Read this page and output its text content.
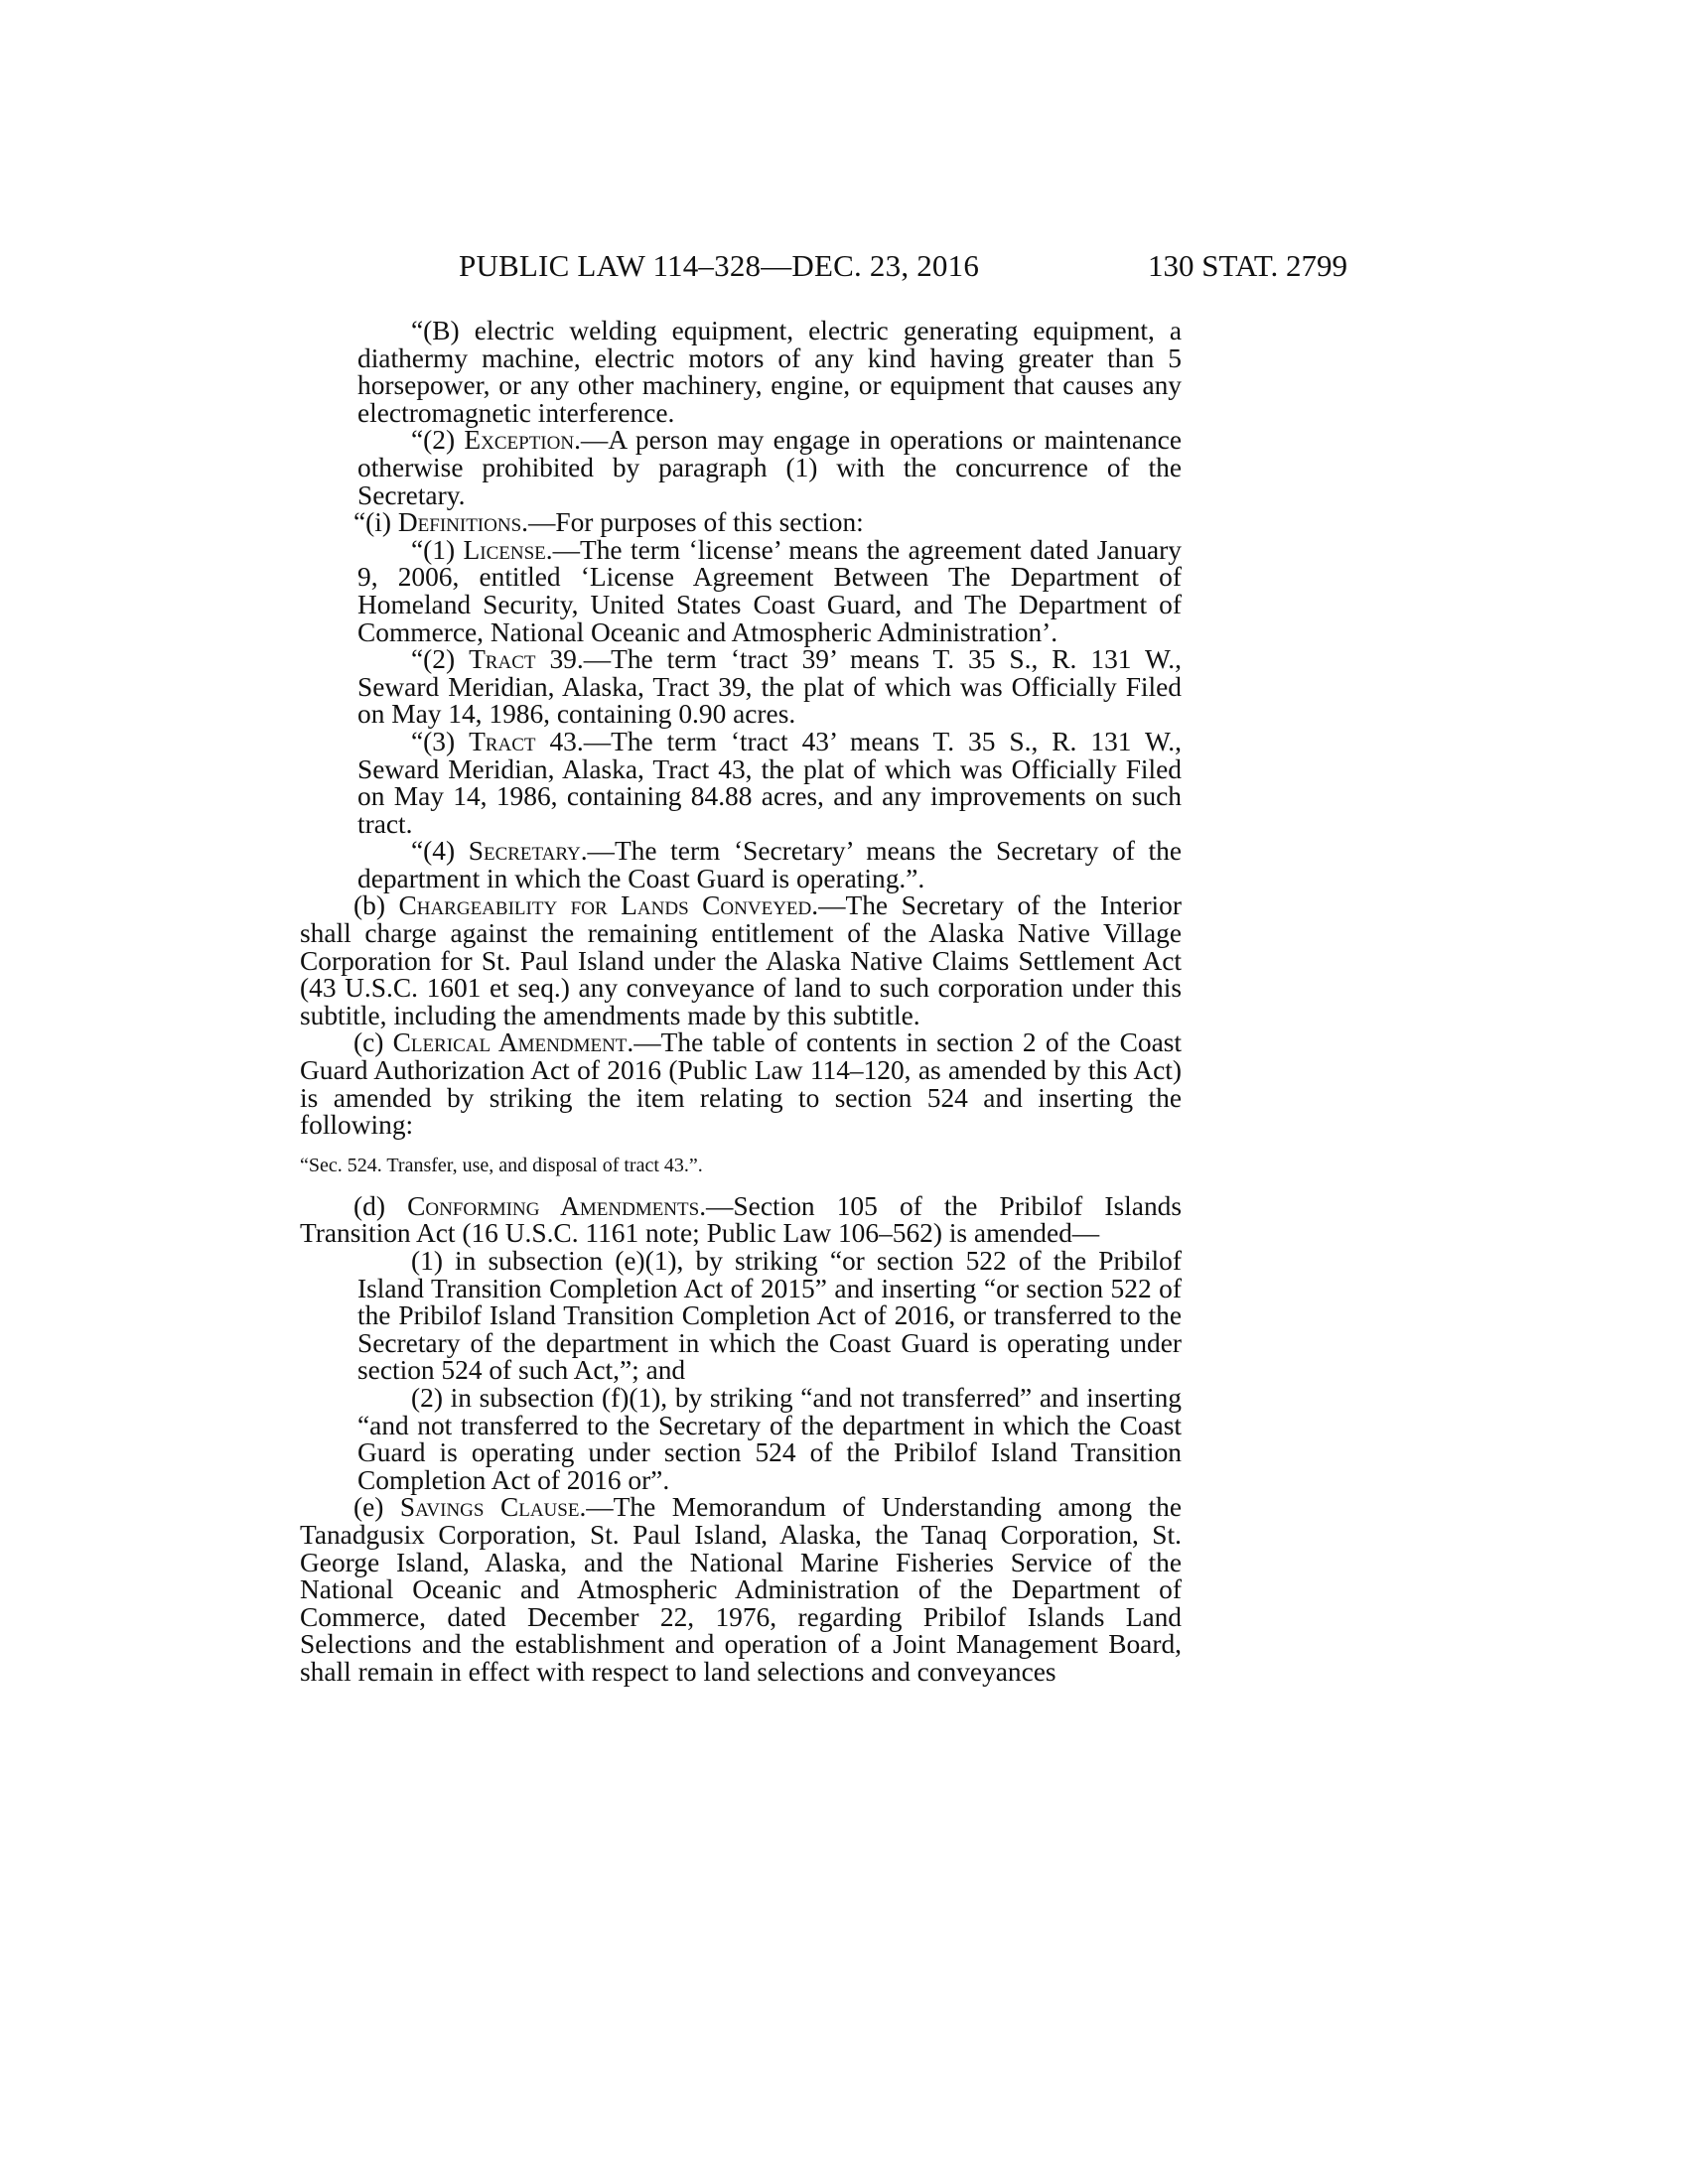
PUBLIC LAW 114–328—DEC. 23, 2016	130 STAT. 2799

“(B) electric welding equipment, electric generating equipment, a diathermy machine, electric motors of any kind having greater than 5 horsepower, or any other machinery, engine, or equipment that causes any electromagnetic interference.

“(2) Exception.—A person may engage in operations or maintenance otherwise prohibited by paragraph (1) with the concurrence of the Secretary.

“(i) Definitions.—For purposes of this section:

“(1) License.—The term ‘license’ means the agreement dated January 9, 2006, entitled ‘License Agreement Between The Department of Homeland Security, United States Coast Guard, and The Department of Commerce, National Oceanic and Atmospheric Administration’.

“(2) Tract 39.—The term ‘tract 39’ means T. 35 S., R. 131 W., Seward Meridian, Alaska, Tract 39, the plat of which was Officially Filed on May 14, 1986, containing 0.90 acres.

“(3) Tract 43.—The term ‘tract 43’ means T. 35 S., R. 131 W., Seward Meridian, Alaska, Tract 43, the plat of which was Officially Filed on May 14, 1986, containing 84.88 acres, and any improvements on such tract.

“(4) Secretary.—The term ‘Secretary’ means the Secretary of the department in which the Coast Guard is operating.”.

(b) Chargeability for Lands Conveyed.—The Secretary of the Interior shall charge against the remaining entitlement of the Alaska Native Village Corporation for St. Paul Island under the Alaska Native Claims Settlement Act (43 U.S.C. 1601 et seq.) any conveyance of land to such corporation under this subtitle, including the amendments made by this subtitle.

(c) Clerical Amendment.—The table of contents in section 2 of the Coast Guard Authorization Act of 2016 (Public Law 114–120, as amended by this Act) is amended by striking the item relating to section 524 and inserting the following:

“Sec. 524. Transfer, use, and disposal of tract 43.”.

(d) Conforming Amendments.—Section 105 of the Pribilof Islands Transition Act (16 U.S.C. 1161 note; Public Law 106–562) is amended—

(1) in subsection (e)(1), by striking “or section 522 of the Pribilof Island Transition Completion Act of 2015” and inserting “or section 522 of the Pribilof Island Transition Completion Act of 2016, or transferred to the Secretary of the department in which the Coast Guard is operating under section 524 of such Act,”; and

(2) in subsection (f)(1), by striking “and not transferred” and inserting “and not transferred to the Secretary of the department in which the Coast Guard is operating under section 524 of the Pribilof Island Transition Completion Act of 2016 or”.

(e) Savings Clause.—The Memorandum of Understanding among the Tanadgusix Corporation, St. Paul Island, Alaska, the Tanaq Corporation, St. George Island, Alaska, and the National Marine Fisheries Service of the National Oceanic and Atmospheric Administration of the Department of Commerce, dated December 22, 1976, regarding Pribilof Islands Land Selections and the establishment and operation of a Joint Management Board, shall remain in effect with respect to land selections and conveyances
